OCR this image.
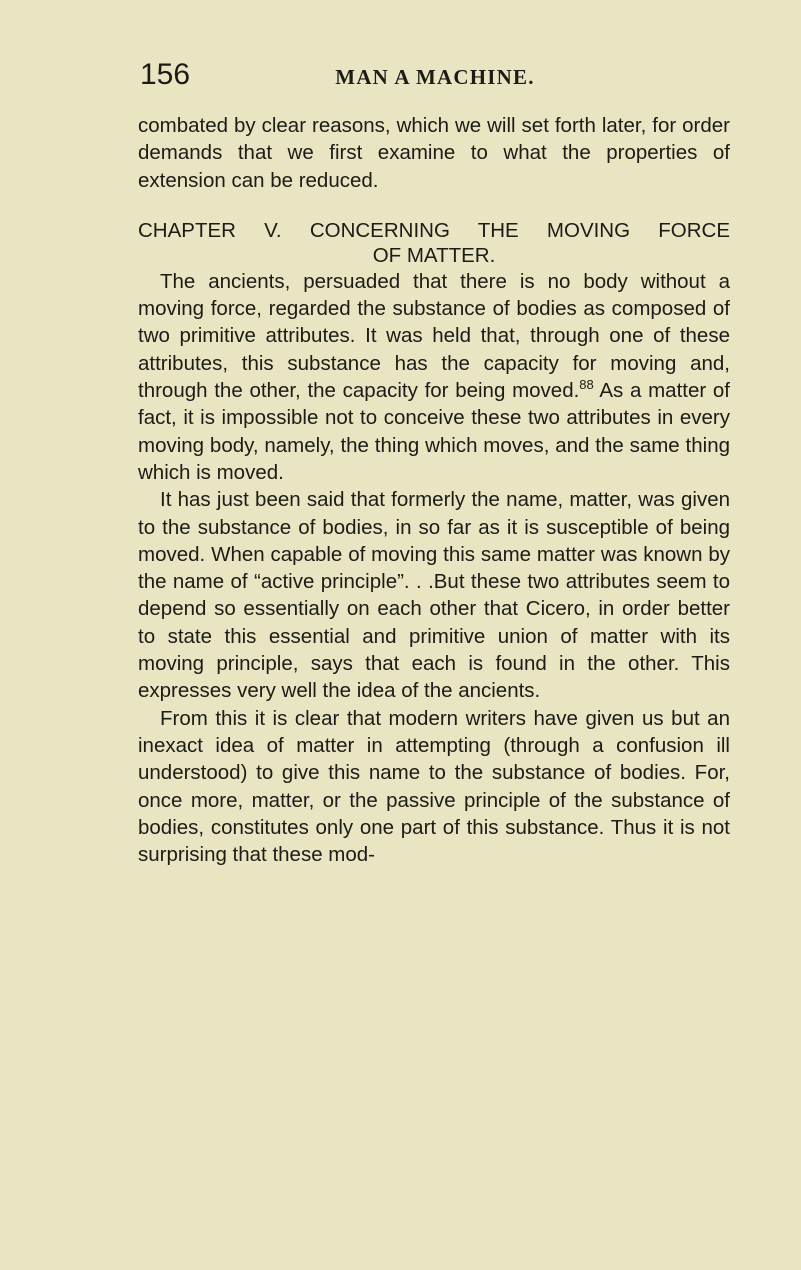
156	MAN A MACHINE.

combated by clear reasons, which we will set forth later, for order demands that we first examine to what the properties of extension can be reduced.

CHAPTER V. CONCERNING THE MOVING FORCE
OF MATTER.

The ancients, persuaded that there is no body without a moving force, regarded the substance of bodies as composed of two primitive attributes. It was held that, through one of these attributes, this substance has the capacity for moving and, through the other, the capacity for being moved.$^{88}$ As a matter of fact, it is impossible not to conceive these two attributes in every moving body, namely, the thing which moves, and the same thing which is moved.

It has just been said that formerly the name, matter, was given to the substance of bodies, in so far as it is susceptible of being moved. When capable of moving this same matter was known by the name of “active principle”. . .But these two attributes seem to depend so essentially on each other that Cicero, in order better to state this essential and primitive union of matter with its moving principle, says that each is found in the other. This expresses very well the idea of the ancients.

From this it is clear that modern writers have given us but an inexact idea of matter in attempting (through a confusion ill understood) to give this name to the substance of bodies. For, once more, matter, or the passive principle of the substance of bodies, constitutes only one part of this substance. Thus it is not surprising that these mod-
